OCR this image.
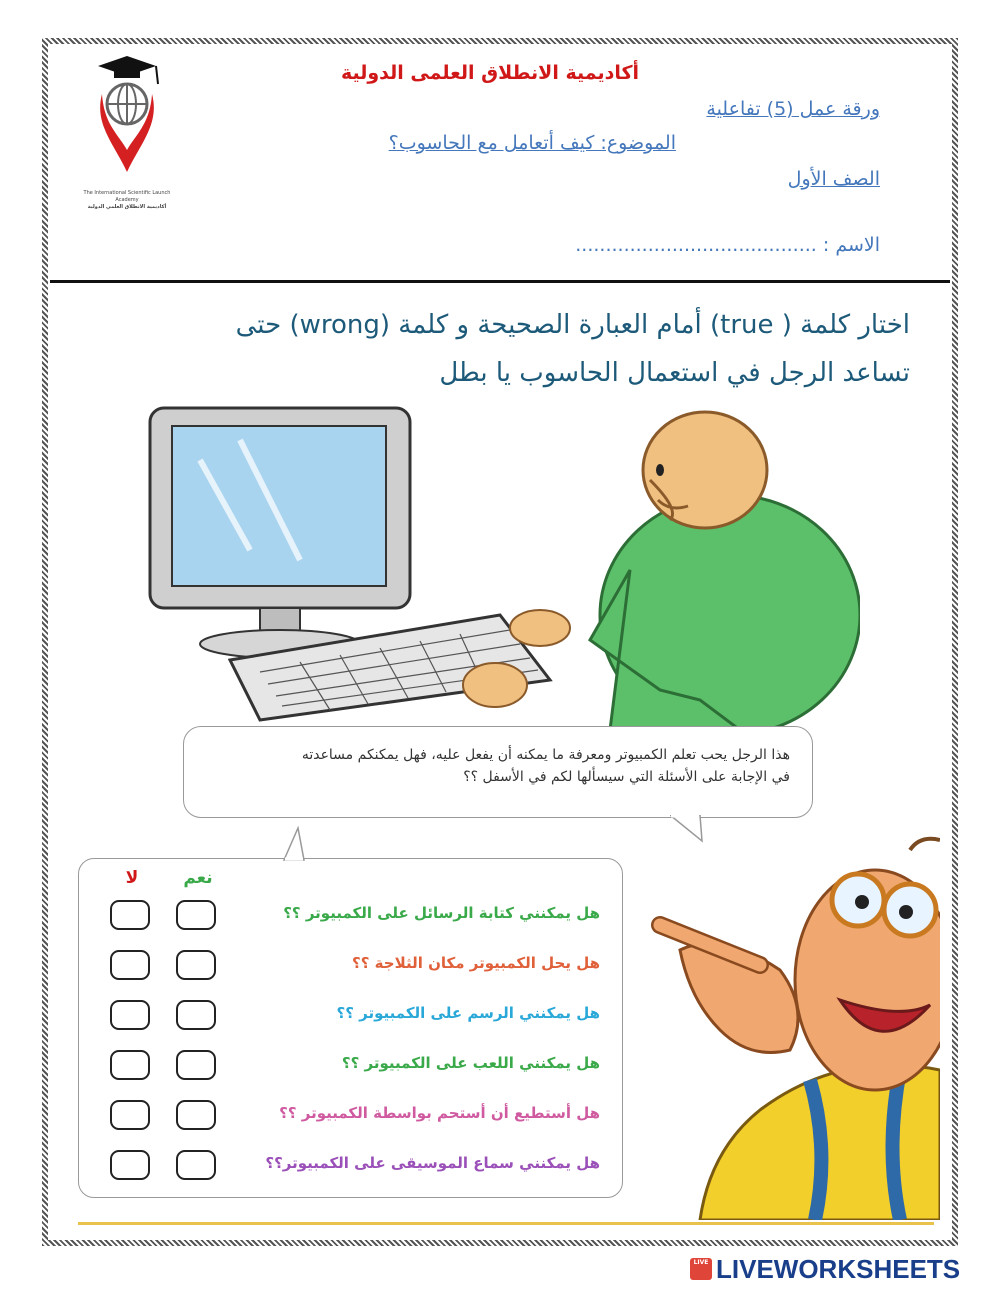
The International Scientific Launch Academy
أكاديمية الانطلاق العلمي الدولية
أكاديمية الانطلاق العلمى الدولية
ورقة عمل (5) تفاعلية
الموضوع: كيف أتعامل مع الحاسوب؟
الصف الأول
الاسم : ........................................
اختار كلمة ( true) أمام العبارة الصحيحة و كلمة (wrong) حتى
تساعد الرجل في استعمال الحاسوب يا بطل
هذا الرجل يحب تعلم الكمبيوتر ومعرفة ما يمكنه أن يفعل عليه، فهل يمكنكم مساعدته
في الإجابة على الأسئلة التي سيسألها لكم في الأسفل ؟؟
نعم
لا
هل يمكنني كتابة الرسائل على الكمبيوتر ؟؟
هل يحل الكمبيوتر مكان الثلاجة ؟؟
هل يمكنني الرسم على الكمبيوتر ؟؟
هل يمكنني اللعب على الكمبيوتر ؟؟
هل أستطيع أن أستحم بواسطة الكمبيوتر ؟؟
هل يمكنني سماع الموسيقى على الكمبيوتر؟؟
LIVE LIVEWORKSHEETS
